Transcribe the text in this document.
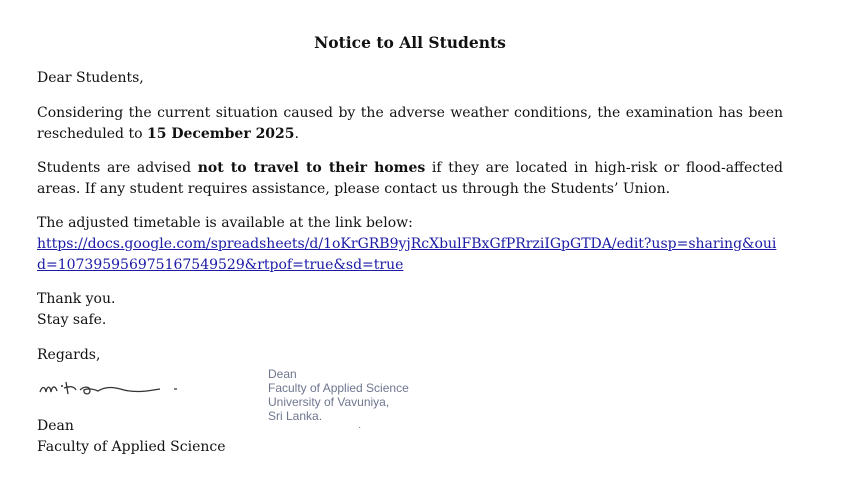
Notice to All Students

Dear Students,

Considering the current situation caused by the adverse weather conditions, the examination has been rescheduled to 15 December 2025.

Students are advised not to travel to their homes if they are located in high-risk or flood-affected areas. If any student requires assistance, please contact us through the Students’ Union.

The adjusted timetable is available at the link below:
https://docs.google.com/spreadsheets/d/1oKrGRB9yjRcXbulFBxGfPRrziIGpGTDA/edit?usp=sharing&ouid=107395956975167549529&rtpof=true&sd=true

Thank you.
Stay safe.

Regards,

Dean
Faculty of Applied Science
University of Vavuniya,
Sri Lanka.
·

Dean
Faculty of Applied Science
